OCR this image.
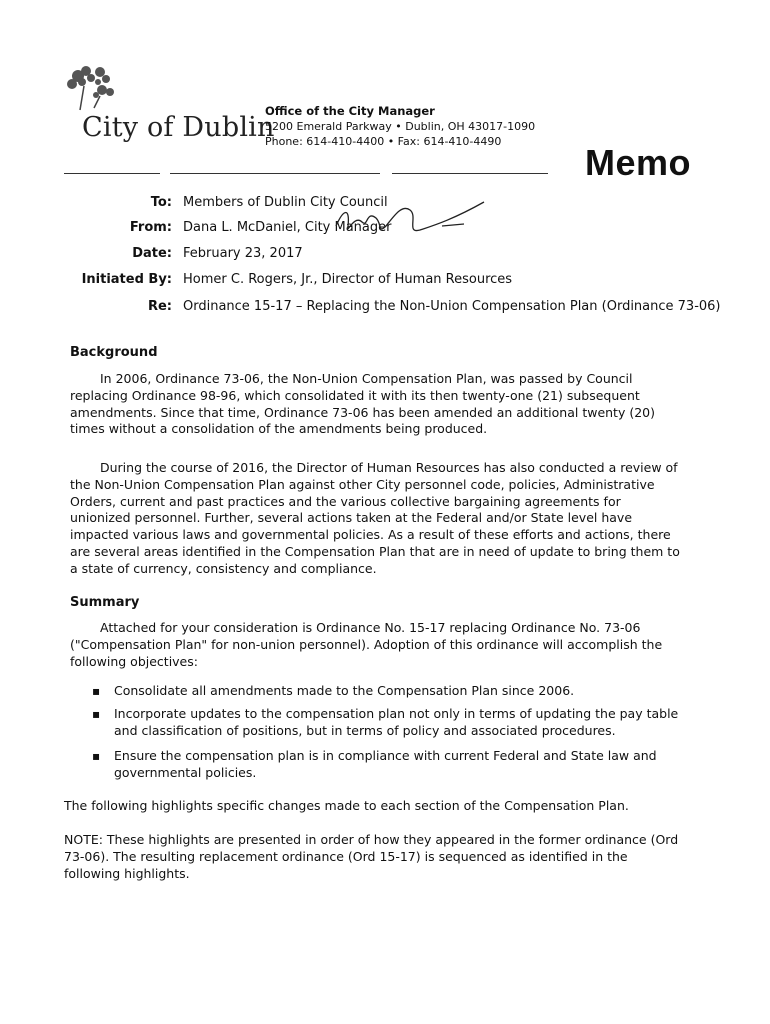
City of Dublin
Office of the City Manager
5200 Emerald Parkway • Dublin, OH 43017-1090
Phone: 614-410-4400 • Fax: 614-410-4490
Memo
To: Members of Dublin City Council
From: Dana L. McDaniel, City Manager
Date: February 23, 2017
Initiated By: Homer C. Rogers, Jr., Director of Human Resources
Re: Ordinance 15-17 – Replacing the Non-Union Compensation Plan (Ordinance 73-06)
Background
In 2006, Ordinance 73-06, the Non-Union Compensation Plan, was passed by Council replacing Ordinance 98-96, which consolidated it with its then twenty-one (21) subsequent amendments. Since that time, Ordinance 73-06 has been amended an additional twenty (20) times without a consolidation of the amendments being produced.
During the course of 2016, the Director of Human Resources has also conducted a review of the Non-Union Compensation Plan against other City personnel code, policies, Administrative Orders, current and past practices and the various collective bargaining agreements for unionized personnel. Further, several actions taken at the Federal and/or State level have impacted various laws and governmental policies. As a result of these efforts and actions, there are several areas identified in the Compensation Plan that are in need of update to bring them to a state of currency, consistency and compliance.
Summary
Attached for your consideration is Ordinance No. 15-17 replacing Ordinance No. 73-06 ("Compensation Plan" for non-union personnel). Adoption of this ordinance will accomplish the following objectives:
▪ Consolidate all amendments made to the Compensation Plan since 2006.
▪ Incorporate updates to the compensation plan not only in terms of updating the pay table and classification of positions, but in terms of policy and associated procedures.
▪ Ensure the compensation plan is in compliance with current Federal and State law and governmental policies.
The following highlights specific changes made to each section of the Compensation Plan.
NOTE: These highlights are presented in order of how they appeared in the former ordinance (Ord 73-06). The resulting replacement ordinance (Ord 15-17) is sequenced as identified in the following highlights.
